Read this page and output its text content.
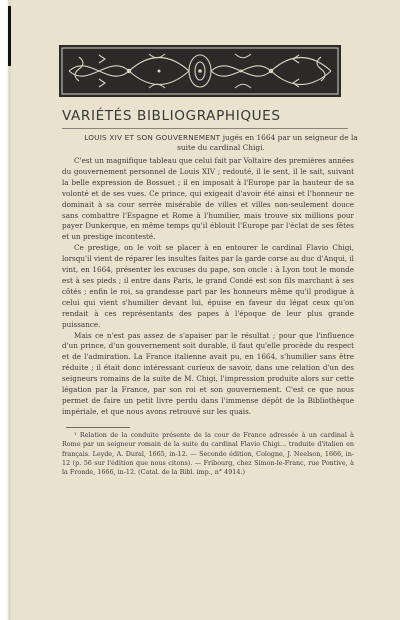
VARIÉTÉS BIBLIOGRAPHIQUES
LOUIS XIV ET SON GOUVERNEMENT jugés en 1664 par un seigneur de la suite du cardinal Chigi.

C'est un magnifique tableau que celui fait par Voltaire des premières années du gouvernement personnel de Louis XIV ; redouté, il le sent, il le sait, suivant la belle expression de Bossuet ; il en imposait à l'Europe par la hauteur de sa volonté et de ses vues. Ce prince, qui exigeait d'avoir été ainsi et l'honneur ne dominait à sa cour serrée misérable de villes et villes non-seulement douce sans combattre l'Espagne et Rome à l'humilier, mais trouve six millions pour payer Dunkerque, en même temps qu'il éblouit l'Europe par l'éclat de ses fêtes et un prestige incontesté.

Ce prestige, on le voit se placer à en entourer le cardinal Flavio Chigi, lorsqu'il vient de réparer les insultes faites par la garde corse au duc d'Anqui, il vint, en 1664, présenter les excuses du pape, son oncle : à Lyon tout le monde est à ses pieds ; il entre dans Paris, le grand Condé est son fils marchant à ses côtés ; enfin le roi, sa grandesse part par les honneurs même qu'il prodigue à celui qui vient s'humilier devant lui, épuise en faveur du légat ceux qu'on rendait à ces représentants des papes à l'époque de leur plus grande puissance.

Mais ce n'est pas assez de s'apaiser par le résultat ; pour que l'influence d'un prince, d'un gouvernement soit durable, il faut qu'elle procède du respect et de l'admiration. La France italienne avait pu, en 1664, s'humilier sans être réduite ; il était donc intéressant curieux de savoir, dans une relation d'un des seigneurs romains de la suite de M. Chigi, l'impression produite alors sur cette légation par la France, par son roi et son gouvernement. C'est ce que nous permet de faire un petit livre perdu dans l'immense dépôt de la Bibliothèque impériale, et que nous avons retrouvé sur les quais.

¹ Relation de la conduite présente de la cour de France adressée à un cardinal à Rome par un seigneur romain de la suite du cardinal Flavio Chigi… traduite d'italien en français. Leyde, A. Dural, 1665, in-12. — Seconde édition, Cologne, J. Neelson, 1666, in-12 (p. 56 sur l'édition que nous citons). — Fribourg, chez Simon-le-Franc, rue Pontive, à la Fronde, 1666, in-12. (Catal. de la Bibl. imp., n° 4914.)
